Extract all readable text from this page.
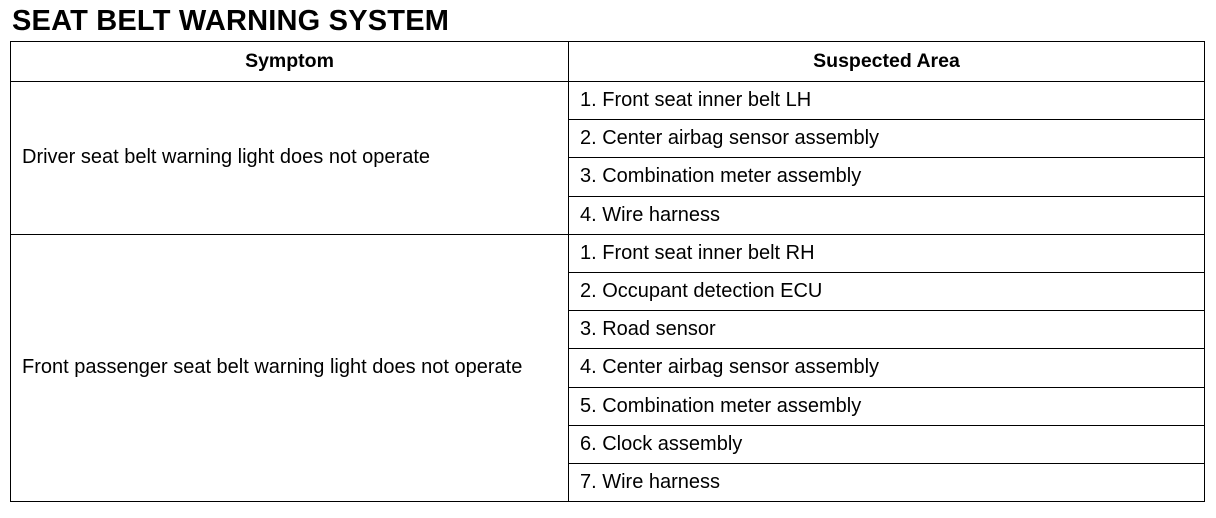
SEAT BELT WARNING SYSTEM
Symptom	Suspected Area
Driver seat belt warning light does not operate	1. Front seat inner belt LH
	2. Center airbag sensor assembly
	3. Combination meter assembly
	4. Wire harness
Front passenger seat belt warning light does not operate	1. Front seat inner belt RH
	2. Occupant detection ECU
	3. Road sensor
	4. Center airbag sensor assembly
	5. Combination meter assembly
	6. Clock assembly
	7. Wire harness
